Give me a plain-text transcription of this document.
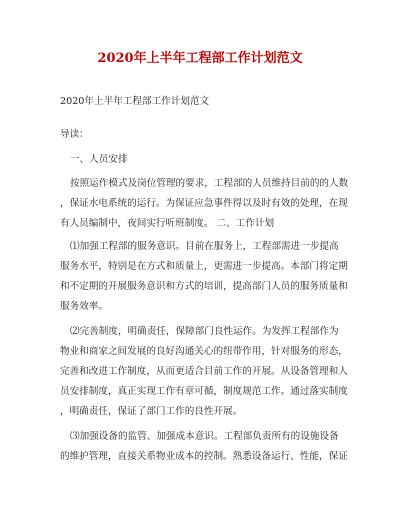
2020年上半年工程部工作计划范文
2020年上半年工程部工作计划范文
导读：
一、人员安排
按照运作模式及岗位管理的要求，工程部的人员维持目前的的人数
，保证水电系统的运行。为保证应急事件得以及时有效的处理，在现
有人员编制中，夜间实行听班制度。 二、工作计划
⑴加强工程部的服务意识。目前在服务上，工程部需进一步提高
服务水平，特别是在方式和质量上，更需进一步提高。本部门将定期
和不定期的开展服务意识和方式的培训，提高部门人员的服务质量和
服务效率。
⑵完善制度，明确责任，保障部门良性运作。为发挥工程部作为
物业和商家之间发展的良好沟通关心的纽带作用，针对服务的形态，
完善和改进工作制度，从而更适合目前工作的开展。从设备管理和人
员安排制度，真正实现工作有章可循，制度规范工作。通过落实制度
，明确责任，保证了部门工作的良性开展。
⑶加强设备的监管、加强成本意识。工程部负责所有的设施设备
的维护管理，直接关系物业成本的控制。熟悉设备运行、性能，保证
